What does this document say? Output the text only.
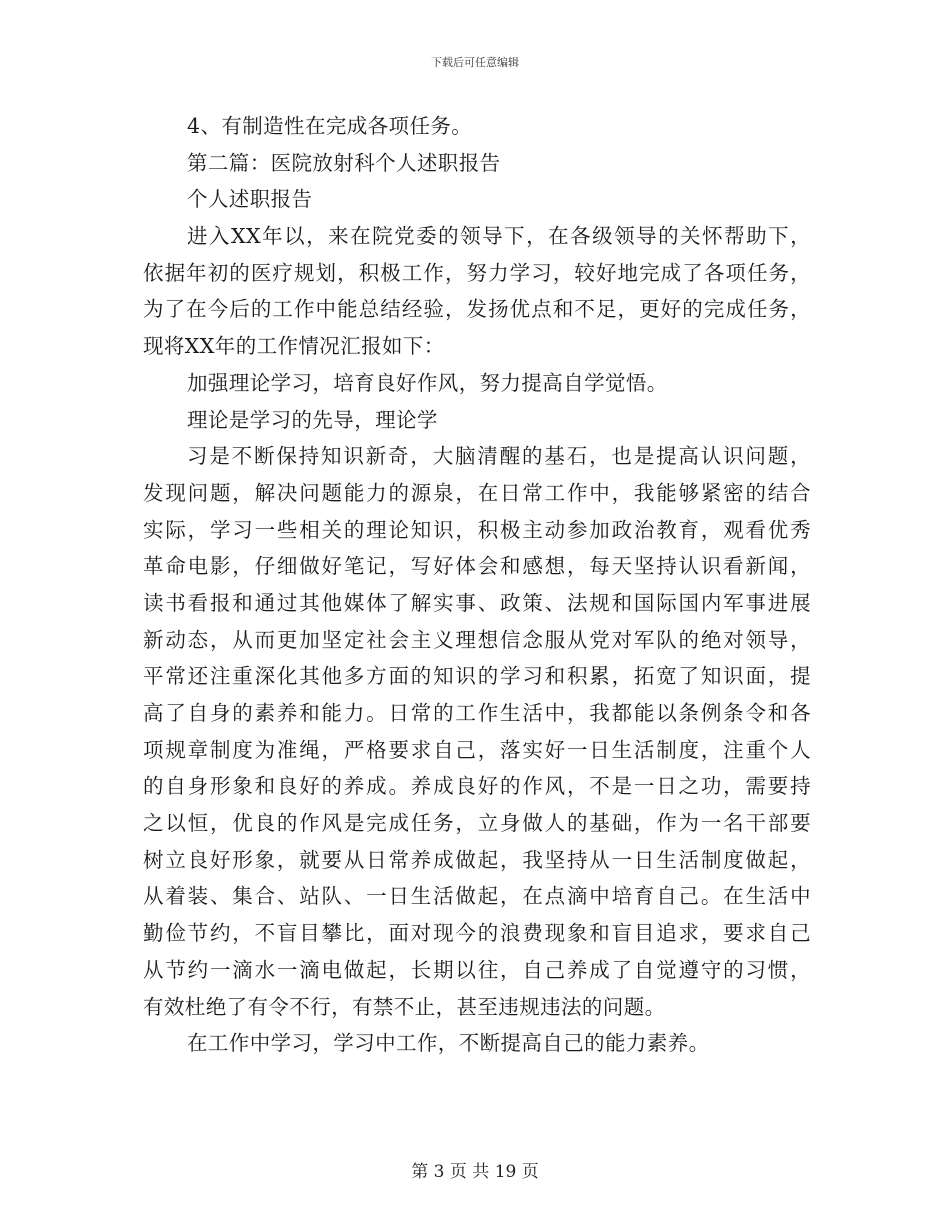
下载后可任意编辑
4、有制造性在完成各项任务。
第二篇：医院放射科个人述职报告
个人述职报告
进入XX年以，来在院党委的领导下，在各级领导的关怀帮助下，
依据年初的医疗规划，积极工作，努力学习，较好地完成了各项任务，
为了在今后的工作中能总结经验，发扬优点和不足，更好的完成任务，
现将XX年的工作情况汇报如下：
加强理论学习，培育良好作风，努力提高自学觉悟。
理论是学习的先导，理论学
习是不断保持知识新奇，大脑清醒的基石，也是提高认识问题，
发现问题，解决问题能力的源泉，在日常工作中，我能够紧密的结合
实际，学习一些相关的理论知识，积极主动参加政治教育，观看优秀
革命电影，仔细做好笔记，写好体会和感想，每天坚持认识看新闻，
读书看报和通过其他媒体了解实事、政策、法规和国际国内军事进展
新动态，从而更加坚定社会主义理想信念服从党对军队的绝对领导，
平常还注重深化其他多方面的知识的学习和积累，拓宽了知识面，提
高了自身的素养和能力。日常的工作生活中，我都能以条例条令和各
项规章制度为准绳，严格要求自己，落实好一日生活制度，注重个人
的自身形象和良好的养成。养成良好的作风，不是一日之功，需要持
之以恒，优良的作风是完成任务，立身做人的基础，作为一名干部要
树立良好形象，就要从日常养成做起，我坚持从一日生活制度做起，
从着装、集合、站队、一日生活做起，在点滴中培育自己。在生活中
勤俭节约，不盲目攀比，面对现今的浪费现象和盲目追求，要求自己
从节约一滴水一滴电做起，长期以往，自己养成了自觉遵守的习惯，
有效杜绝了有令不行，有禁不止，甚至违规违法的问题。
在工作中学习，学习中工作，不断提高自己的能力素养。
第 3 页 共 19 页
